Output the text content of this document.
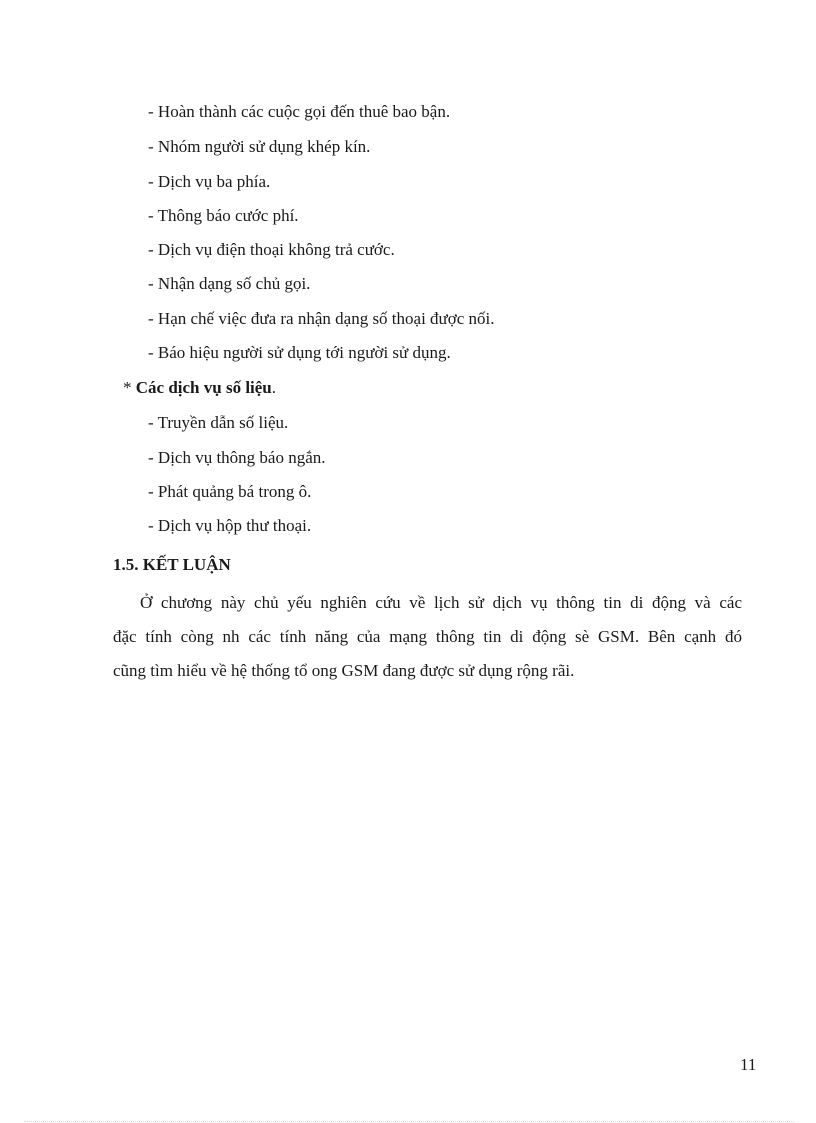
- Hoàn thành các cuộc gọi đến thuê bao bận.
- Nhóm người sử dụng khép kín.
- Dịch vụ ba phía.
- Thông báo cước phí.
- Dịch vụ điện thoại không trả cước.
- Nhận dạng số chủ gọi.
- Hạn chế việc đưa ra nhận dạng số thoại được nối.
- Báo hiệu người sử dụng tới người sử dụng.
* Các dịch vụ số liệu.
- Truyền dẫn số liệu.
- Dịch vụ thông báo ngắn.
- Phát quảng bá trong ô.
- Dịch vụ hộp thư thoại.
1.5. KẾT LUẬN
Ở chương này chủ yếu nghiên cứu về lịch sử dịch vụ thông tin di động và các
đặc tính còng nh các tính năng của mạng thông tin di động sè GSM. Bên cạnh đó
cũng tìm hiểu về hệ thống tổ ong GSM đang được sử dụng rộng rãi.
11
